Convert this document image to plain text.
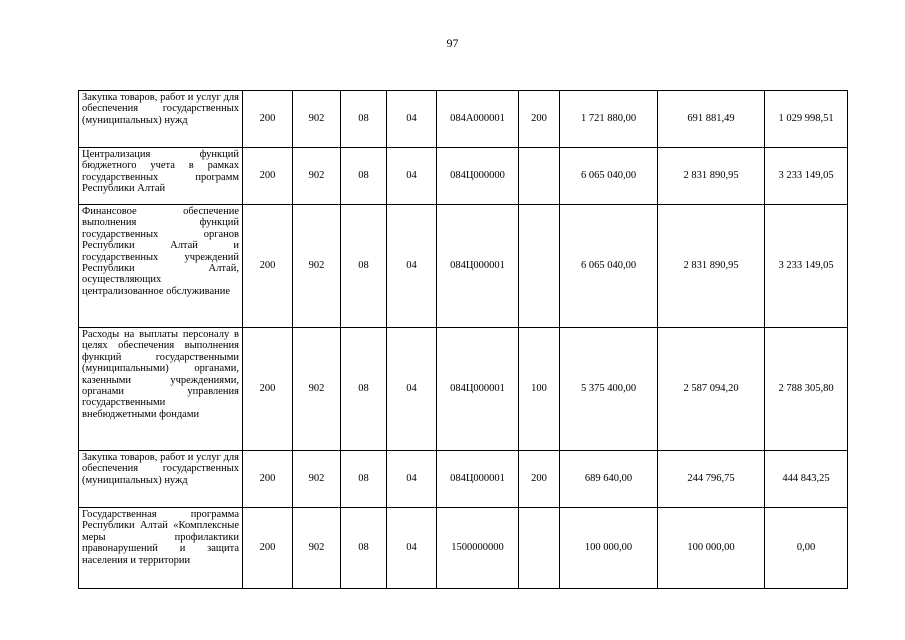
97
Закупка товаров, работ и услуг для обеспечения государственных (муниципальных) нужд	200	902	08	04	084A000001	200	1 721 880,00	691 881,49	1 029 998,51

Централизация функций бюджетного учета в рамках государственных программ Республики Алтай	200	902	08	04	084Ц000000		6 065 040,00	2 831 890,95	3 233 149,05

Финансовое обеспечение выполнения функций государственных органов Республики Алтай и государственных учреждений Республики Алтай, осуществляющих централизованное обслуживание	200	902	08	04	084Ц000001		6 065 040,00	2 831 890,95	3 233 149,05

Расходы на выплаты персоналу в целях обеспечения выполнения функций государственными (муниципальными) органами, казенными учреждениями, органами управления государственными внебюджетными фондами	200	902	08	04	084Ц000001	100	5 375 400,00	2 587 094,20	2 788 305,80

Закупка товаров, работ и услуг для обеспечения государственных (муниципальных) нужд	200	902	08	04	084Ц000001	200	689 640,00	244 796,75	444 843,25

Государственная программа Республики Алтай «Комплексные меры профилактики правонарушений и защита населения и территории	200	902	08	04	1500000000		100 000,00	100 000,00	0,00
